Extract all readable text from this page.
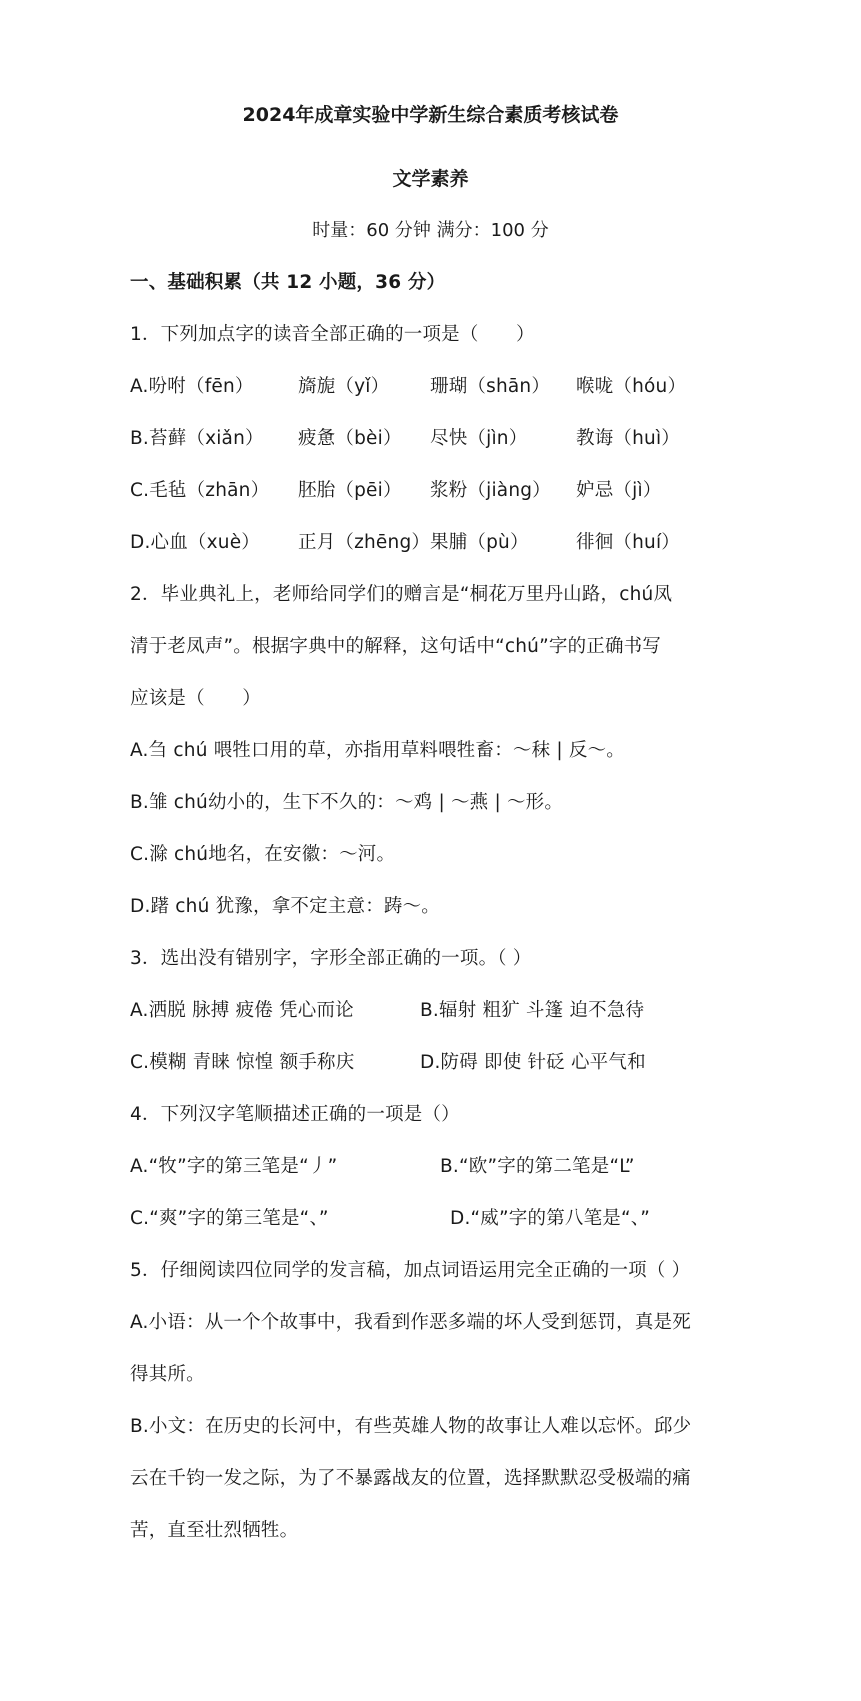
2024年成章实验中学新生综合素质考核试卷
文学素养
时量：60 分钟 满分：100 分
一、基础积累（共 12 小题，36 分）
1．下列加点字的读音全部正确的一项是（　　）
A.吩咐（fēn） 旖旎（yǐ） 珊瑚（shān） 喉咙（hóu）
B.苔藓（xiǎn） 疲惫（bèi） 尽快（jìn）	教诲（huì）
C.毛毡（zhān） 胚胎（pēi） 浆粉（jiàng） 妒忌（jì）
D.心血（xuè） 正月（zhēng） 果脯（pù）	徘徊（huí）
2．毕业典礼上，老师给同学们的赠言是“桐花万里丹山路，chú凤
清于老凤声”。根据字典中的解释，这句话中“chú”字的正确书写
应该是（　　）
A.刍 chú 喂牲口用的草，亦指用草料喂牲畜：～秣 | 反～。
B.雏 chú幼小的，生下不久的：～鸡 | ～燕 | ～形。
C.滁 chú地名，在安徽：～河。
D.躇 chú 犹豫，拿不定主意：踌～。
3．选出没有错别字，字形全部正确的一项。（ ）
A.洒脱 脉搏 疲倦 凭心而论	B.辐射 粗犷 斗篷 迫不急待
C.模糊 青睐 惊惶 额手称庆	D.防碍 即使 针砭 心平气和
4．下列汉字笔顺描述正确的一项是（）
A.“牧”字的第三笔是“丿”	B.“欧”字的第二笔是“L”
C.“爽”字的第三笔是“、”	D.“威”字的第八笔是“、”
5．仔细阅读四位同学的发言稿，加点词语运用完全正确的一项（ ）
A.小语：从一个个故事中，我看到作恶多端的坏人受到惩罚，真是死
得其所。
B.小文：在历史的长河中，有些英雄人物的故事让人难以忘怀。邱少
云在千钧一发之际，为了不暴露战友的位置，选择默默忍受极端的痛
苦，直至壮烈牺牲。
